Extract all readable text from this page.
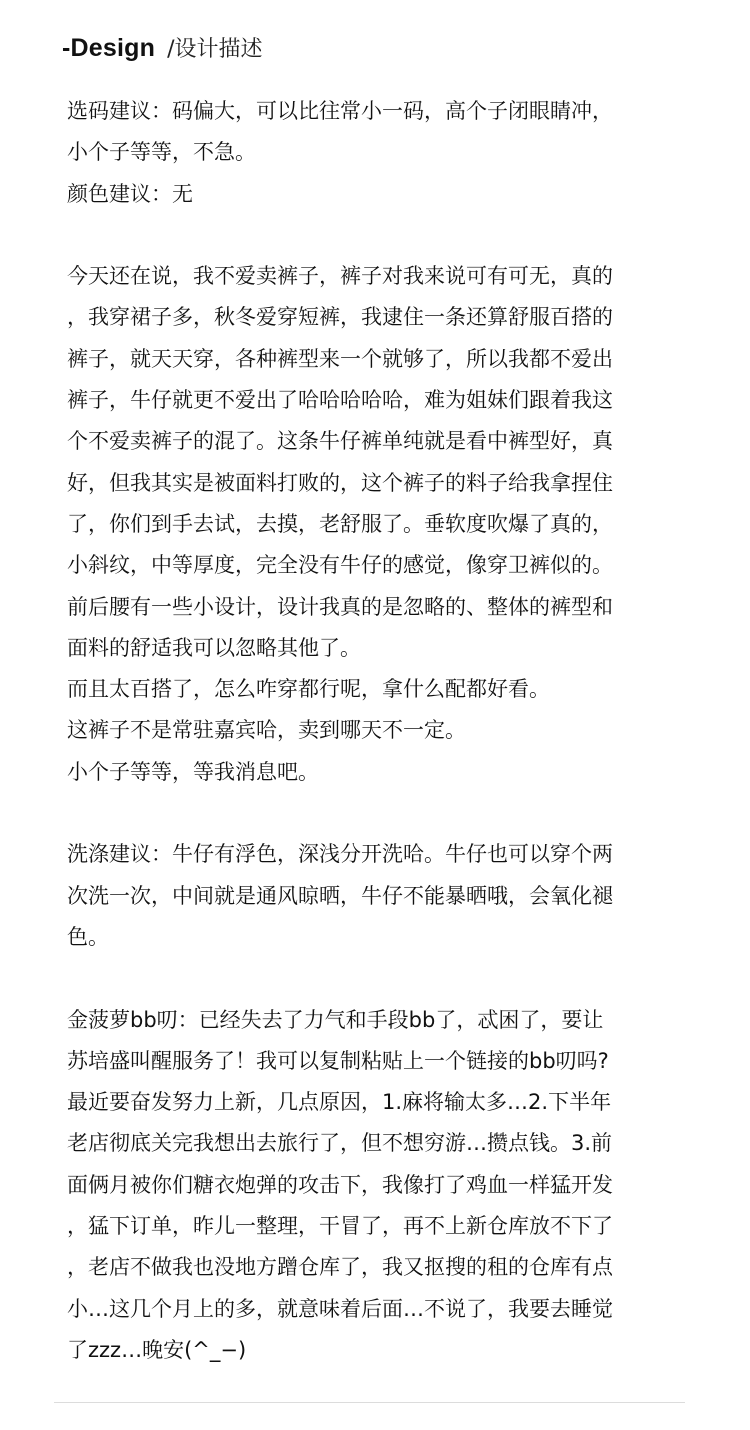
-Design /设计描述
选码建议：码偏大，可以比往常小一码，高个子闭眼睛冲，
小个子等等，不急。
颜色建议：无
今天还在说，我不爱卖裤子，裤子对我来说可有可无，真的
，我穿裙子多，秋冬爱穿短裤，我逮住一条还算舒服百搭的
裤子，就天天穿，各种裤型来一个就够了，所以我都不爱出
裤子，牛仔就更不爱出了哈哈哈哈哈，难为姐妹们跟着我这
个不爱卖裤子的混了。这条牛仔裤单纯就是看中裤型好，真
好，但我其实是被面料打败的，这个裤子的料子给我拿捏住
了，你们到手去试，去摸，老舒服了。垂软度吹爆了真的，
小斜纹，中等厚度，完全没有牛仔的感觉，像穿卫裤似的。
前后腰有一些小设计，设计我真的是忽略的、整体的裤型和
面料的舒适我可以忽略其他了。
而且太百搭了，怎么咋穿都行呢，拿什么配都好看。
这裤子不是常驻嘉宾哈，卖到哪天不一定。
小个子等等，等我消息吧。
洗涤建议：牛仔有浮色，深浅分开洗哈。牛仔也可以穿个两
次洗一次，中间就是通风晾晒，牛仔不能暴晒哦，会氧化褪
色。
金菠萝bb叨：已经失去了力气和手段bb了，忒困了，要让
苏培盛叫醒服务了！我可以复制粘贴上一个链接的bb叨吗?
最近要奋发努力上新，几点原因，1.麻将输太多…2.下半年
老店彻底关完我想出去旅行了，但不想穷游…攒点钱。3.前
面俩月被你们糖衣炮弹的攻击下，我像打了鸡血一样猛开发
，猛下订单，昨儿一整理，干冒了，再不上新仓库放不下了
，老店不做我也没地方蹭仓库了，我又抠搜的租的仓库有点
小…这几个月上的多，就意味着后面…不说了，我要去睡觉
了zzz…晚安(^_−)
